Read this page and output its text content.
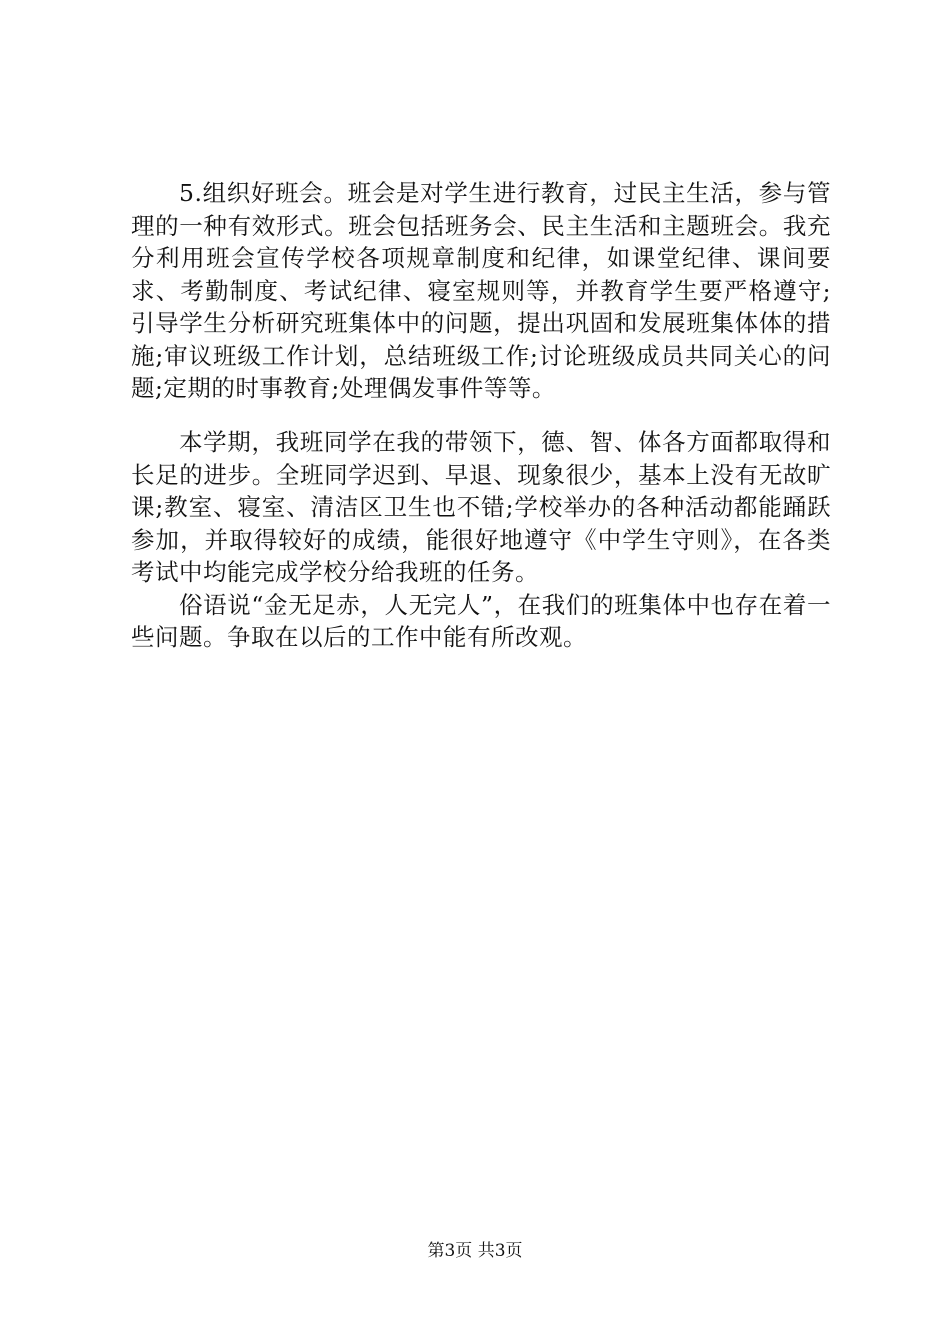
5.组织好班会。班会是对学生进行教育，过民主生活，参与管理的一种有效形式。班会包括班务会、民主生活和主题班会。我充分利用班会宣传学校各项规章制度和纪律，如课堂纪律、课间要求、考勤制度、考试纪律、寝室规则等，并教育学生要严格遵守;引导学生分析研究班集体中的问题，提出巩固和发展班集体体的措施;审议班级工作计划，总结班级工作;讨论班级成员共同关心的问题;定期的时事教育;处理偶发事件等等。

本学期，我班同学在我的带领下，德、智、体各方面都取得和长足的进步。全班同学迟到、早退、现象很少，基本上没有无故旷课;教室、寝室、清洁区卫生也不错;学校举办的各种活动都能踊跃参加，并取得较好的成绩，能很好地遵守《中学生守则》，在各类考试中均能完成学校分给我班的任务。

俗语说“金无足赤，人无完人”，在我们的班集体中也存在着一些问题。争取在以后的工作中能有所改观。

第3页 共3页
